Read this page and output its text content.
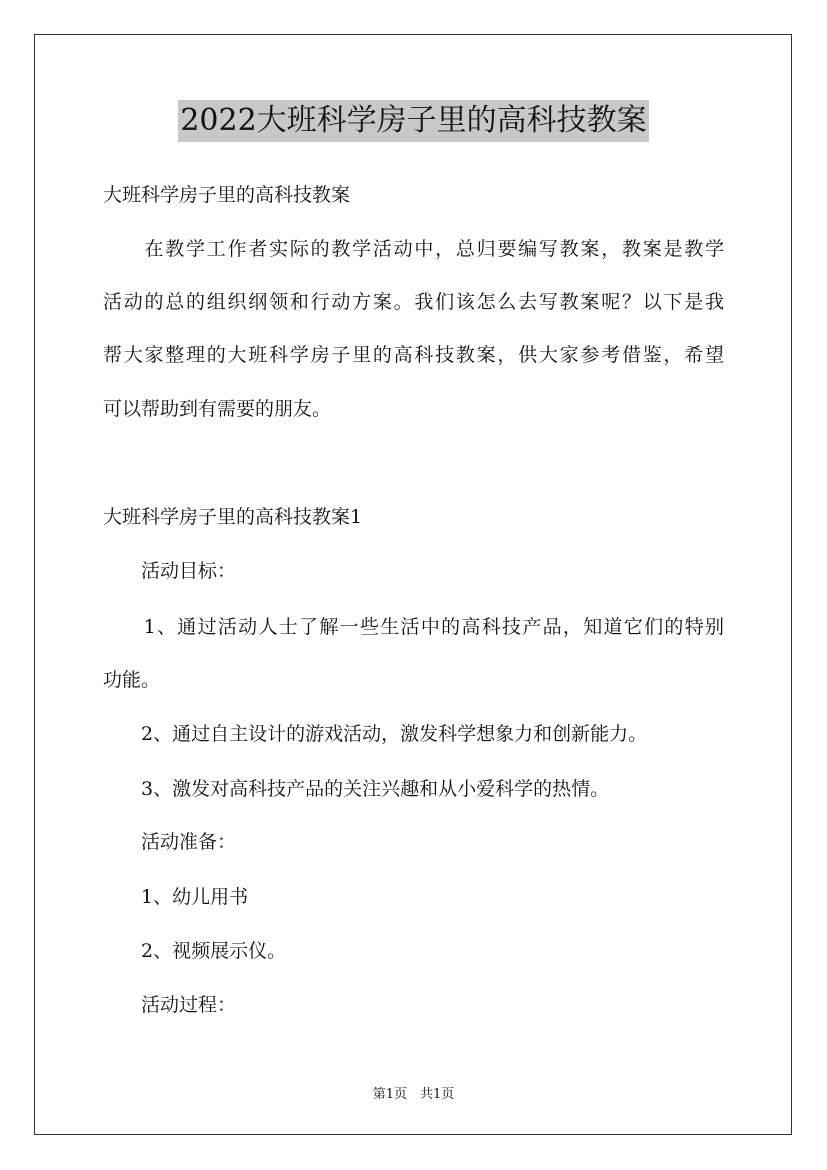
2022大班科学房子里的高科技教案
大班科学房子里的高科技教案
　　在教学工作者实际的教学活动中，总归要编写教案，教案是教学
活动的总的组织纲领和行动方案。我们该怎么去写教案呢？以下是我
帮大家整理的大班科学房子里的高科技教案，供大家参考借鉴，希望
可以帮助到有需要的朋友。
大班科学房子里的高科技教案1
　　活动目标：
　　1、通过活动人士了解一些生活中的高科技产品，知道它们的特别
功能。
　　2、通过自主设计的游戏活动，激发科学想象力和创新能力。
　　3、激发对高科技产品的关注兴趣和从小爱科学的热情。
　　活动准备：
　　1、幼儿用书
　　2、视频展示仪。
　　活动过程：
第1页　共1页
